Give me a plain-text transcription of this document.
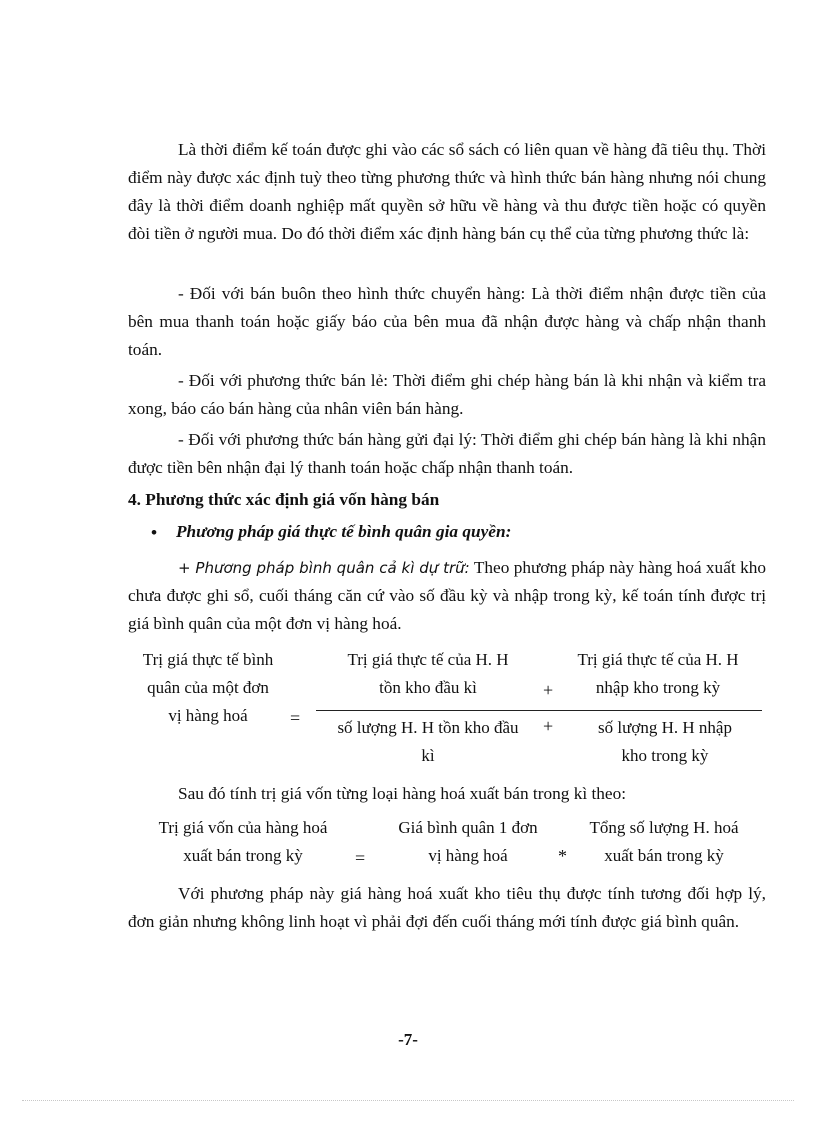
Là thời điểm kế toán được ghi vào các sổ sách có liên quan về hàng đã tiêu thụ. Thời điểm này được xác định tuỳ theo từng phương thức và hình thức bán hàng nhưng nói chung đây là thời điểm doanh nghiệp mất quyền sở hữu về hàng và thu được tiền hoặc có quyền đòi tiền ở người mua. Do đó thời điểm xác định hàng bán cụ thể của từng phương thức là:

- Đối với bán buôn theo hình thức chuyển hàng: Là thời điểm nhận được tiền của bên mua thanh toán hoặc giấy báo của bên mua đã nhận được hàng và chấp nhận thanh toán.

- Đối với phương thức bán lẻ: Thời điểm ghi chép hàng bán là khi nhận và kiểm tra xong, báo cáo bán hàng của nhân viên bán hàng.

- Đối với phương thức bán hàng gửi đại lý: Thời điểm ghi chép bán hàng là khi nhận được tiền bên nhận đại lý thanh toán hoặc chấp nhận thanh toán.

4. Phương thức xác định giá vốn hàng bán

• Phương pháp giá thực tế bình quân gia quyền:

+ Phương pháp bình quân cả kì dự trữ: Theo phương pháp này hàng hoá xuất kho chưa được ghi sổ, cuối tháng căn cứ vào số đầu kỳ và nhập trong kỳ, kế toán tính được trị giá bình quân của một đơn vị hàng hoá.

Trị giá thực tế bình
quân của một đơn
vị hàng hoá	=
Trị giá thực tế của H. H
tồn kho đầu kì	+
Trị giá thực tế của H. H
nhập kho trong kỳ
số lượng H. H tồn kho đầu
kì
+	số lượng H. H nhập
kho trong kỳ

Sau đó tính trị giá vốn từng loại hàng hoá xuất bán trong kì theo:

Trị giá vốn của hàng hoá
xuất bán trong kỳ	=
Giá bình quân 1 đơn
vị hàng hoá	*
Tổng số lượng H. hoá
xuất bán trong kỳ

Với phương pháp này giá hàng hoá xuất kho tiêu thụ được tính tương đối hợp lý, đơn giản nhưng không linh hoạt vì phải đợi đến cuối tháng mới tính được giá bình quân.

-7-
